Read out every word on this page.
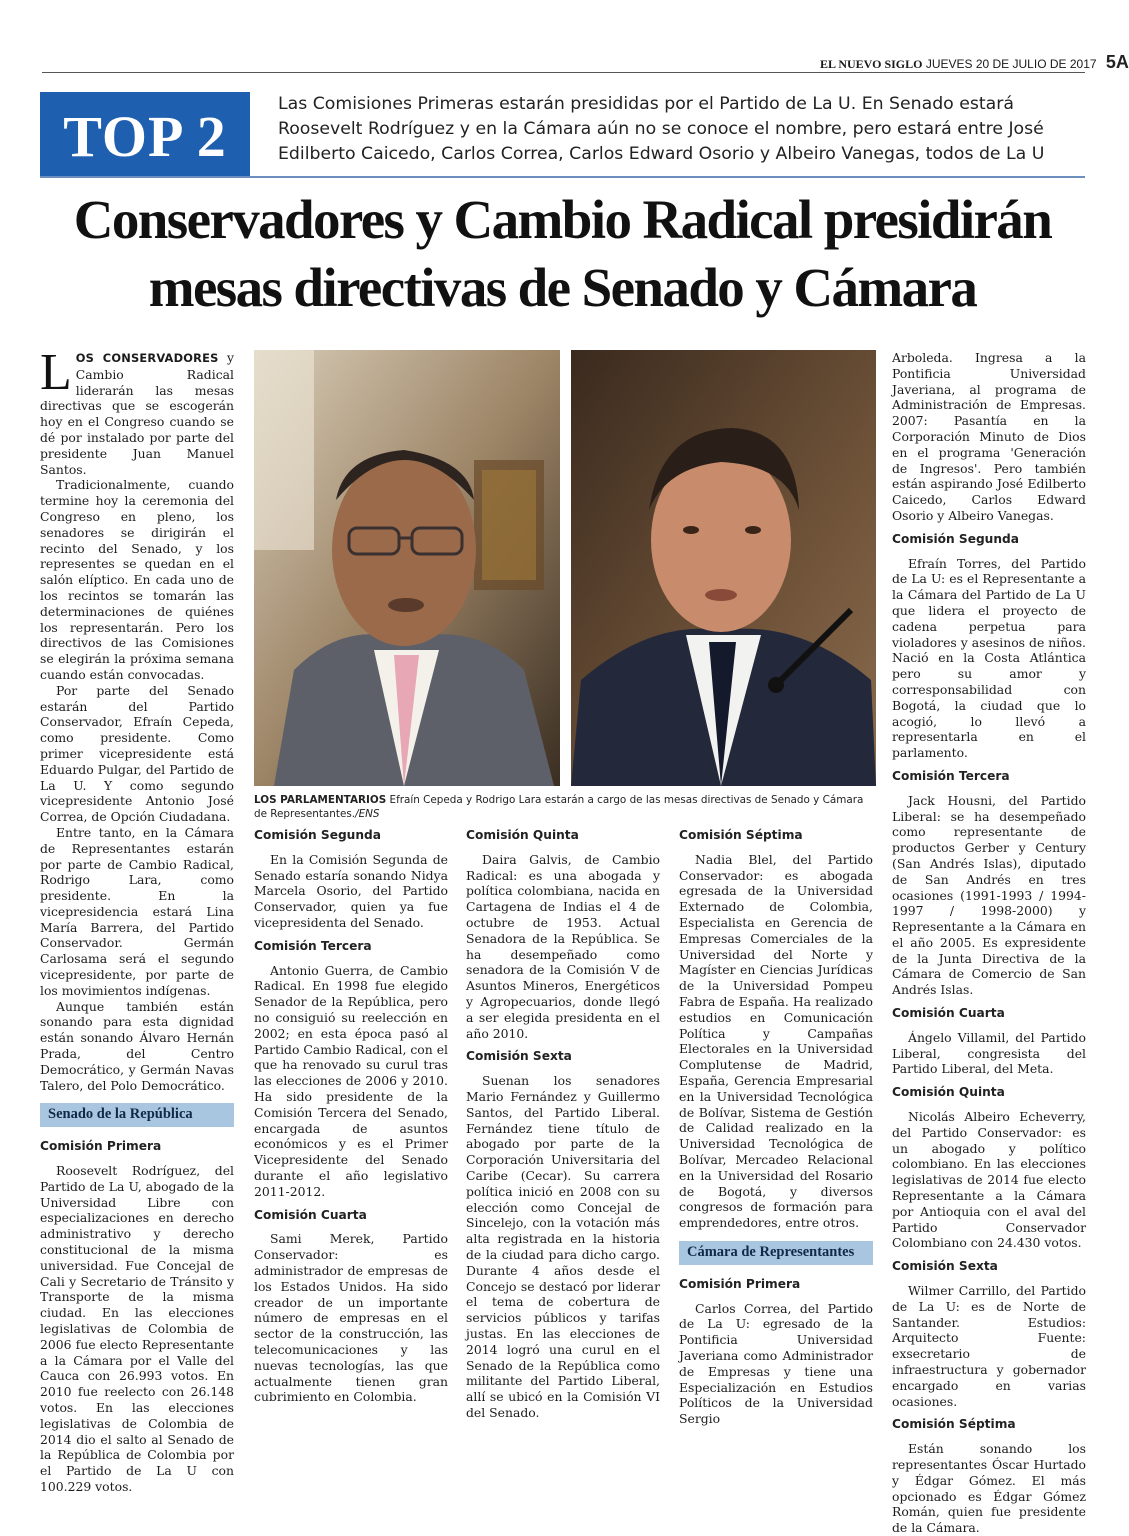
EL NUEVO SIGLO JUEVES 20 DE JULIO DE 2017 5A
TOP 2	Las Comisiones Primeras estarán presididas por el Partido de La U. En Senado estará Roosevelt Rodríguez y en la Cámara aún no se conoce el nombre, pero estará entre José Edilberto Caicedo, Carlos Correa, Carlos Edward Osorio y Albeiro Vanegas, todos de La U
Conservadores y Cambio Radical presidirán
mesas directivas de Senado y Cámara
LOS PARLAMENTARIOS Efraín Cepeda y Rodrigo Lara estarán a cargo de las mesas directivas de Senado y Cámara de Representantes./ENS

LOS CONSERVADORES y Cambio Radical liderarán las mesas directivas que se escogerán hoy en el Congreso cuando se dé por instalado por parte del presidente Juan Manuel Santos.

Tradicionalmente, cuando termine hoy la ceremonia del Congreso en pleno, los senadores se dirigirán el recinto del Senado, y los representes se quedan en el salón elíptico. En cada uno de los recintos se tomarán las determinaciones de quiénes los representarán. Pero los directivos de las Comisiones se elegirán la próxima semana cuando están convocadas.

Por parte del Senado estarán del Partido Conservador, Efraín Cepeda, como presidente. Como primer vicepresidente está Eduardo Pulgar, del Partido de La U. Y como segundo vicepresidente Antonio José Correa, de Opción Ciudadana.

Entre tanto, en la Cámara de Representantes estarán por parte de Cambio Radical, Rodrigo Lara, como presidente. En la vicepresidencia estará Lina María Barrera, del Partido Conservador. Germán Carlosama será el segundo vicepresidente, por parte de los movimientos indígenas.

Aunque también están sonando para esta dignidad están sonando Álvaro Hernán Prada, del Centro Democrático, y Germán Navas Talero, del Polo Democrático.

Senado de la República
Comisión Primera

Roosevelt Rodríguez, del Partido de La U, abogado de la Universidad Libre con especializaciones en derecho administrativo y derecho constitucional de la misma universidad. Fue Concejal de Cali y Secretario de Tránsito y Transporte de la misma ciudad. En las elecciones legislativas de Colombia de 2006 fue electo Representante a la Cámara por el Valle del Cauca con 26.993 votos. En 2010 fue reelecto con 26.148 votos. En las elecciones legislativas de Colombia de 2014 dio el salto al Senado de la República de Colombia por el Partido de La U con 100.229 votos.

Comisión Segunda

En la Comisión Segunda de Senado estaría sonando Nidya Marcela Osorio, del Partido Conservador, quien ya fue vicepresidenta del Senado.

Comisión Tercera

Antonio Guerra, de Cambio Radical. En 1998 fue elegido Senador de la República, pero no consiguió su reelección en 2002; en esta época pasó al Partido Cambio Radical, con el que ha renovado su curul tras las elecciones de 2006 y 2010. Ha sido presidente de la Comisión Tercera del Senado, encargada de asuntos económicos y es el Primer Vicepresidente del Senado durante el año legislativo 2011-2012.

Comisión Cuarta

Sami Merek, Partido Conservador: es administrador de empresas de los Estados Unidos. Ha sido creador de un importante número de empresas en el sector de la construcción, las telecomunicaciones y las nuevas tecnologías, las que actualmente tienen gran cubrimiento en Colombia.

Comisión Quinta

Daira Galvis, de Cambio Radical: es una abogada y política colombiana, nacida en Cartagena de Indias el 4 de octubre de 1953. Actual Senadora de la República. Se ha desempeñado como senadora de la Comisión V de Asuntos Mineros, Energéticos y Agropecuarios, donde llegó a ser elegida presidenta en el año 2010.

Comisión Sexta

Suenan los senadores Mario Fernández y Guillermo Santos, del Partido Liberal. Fernández tiene título de abogado por parte de la Corporación Universitaria del Caribe (Cecar). Su carrera política inició en 2008 con su elección como Concejal de Sincelejo, con la votación más alta registrada en la historia de la ciudad para dicho cargo. Durante 4 años desde el Concejo se destacó por liderar el tema de cobertura de servicios públicos y tarifas justas. En las elecciones de 2014 logró una curul en el Senado de la República como militante del Partido Liberal, allí se ubicó en la Comisión VI del Senado.

Comisión Séptima

Nadia Blel, del Partido Conservador: es abogada egresada de la Universidad Externado de Colombia, Especialista en Gerencia de Empresas Comerciales de la Universidad del Norte y Magíster en Ciencias Jurídicas de la Universidad Pompeu Fabra de España. Ha realizado estudios en Comunicación Política y Campañas Electorales en la Universidad Complutense de Madrid, España, Gerencia Empresarial en la Universidad Tecnológica de Bolívar, Sistema de Gestión de Calidad realizado en la Universidad Tecnológica de Bolívar, Mercadeo Relacional en la Universidad del Rosario de Bogotá, y diversos congresos de formación para emprendedores, entre otros.

Cámara de Representantes
Comisión Primera

Carlos Correa, del Partido de La U: egresado de la Pontificia Universidad Javeriana como Administrador de Empresas y tiene una Especialización en Estudios Políticos de la Universidad Sergio

Arboleda. Ingresa a la Pontificia Universidad Javeriana, al programa de Administración de Empresas. 2007: Pasantía en la Corporación Minuto de Dios en el programa 'Generación de Ingresos'. Pero también están aspirando José Edilberto Caicedo, Carlos Edward Osorio y Albeiro Vanegas.

Comisión Segunda

Efraín Torres, del Partido de La U: es el Representante a la Cámara del Partido de La U que lidera el proyecto de cadena perpetua para violadores y asesinos de niños. Nació en la Costa Atlántica pero su amor y corresponsabilidad con Bogotá, la ciudad que lo acogió, lo llevó a representarla en el parlamento.

Comisión Tercera

Jack Housni, del Partido Liberal: se ha desempeñado como representante de productos Gerber y Century (San Andrés Islas), diputado de San Andrés en tres ocasiones (1991-1993 / 1994-1997 / 1998-2000) y Representante a la Cámara en el año 2005. Es expresidente de la Junta Directiva de la Cámara de Comercio de San Andrés Islas.

Comisión Cuarta

Ángelo Villamil, del Partido Liberal, congresista del Partido Liberal, del Meta.

Comisión Quinta

Nicolás Albeiro Echeverry, del Partido Conservador: es un abogado y político colombiano. En las elecciones legislativas de 2014 fue electo Representante a la Cámara por Antioquia con el aval del Partido Conservador Colombiano con 24.430 votos.

Comisión Sexta

Wilmer Carrillo, del Partido de La U: es de Norte de Santander. Estudios: Arquitecto Fuente: exsecretario de infraestructura y gobernador encargado en varias ocasiones.

Comisión Séptima

Están sonando los representantes Óscar Hurtado y Édgar Gómez. El más opcionado es Édgar Gómez Román, quien fue presidente de la Cámara.
